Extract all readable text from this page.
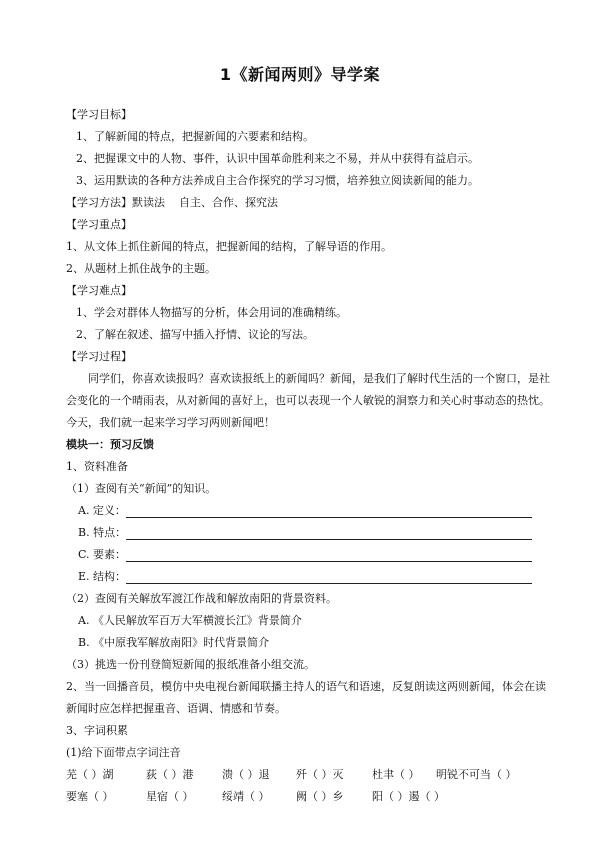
1《新闻两则》导学案
【学习目标】
1、了解新闻的特点，把握新闻的六要素和结构。
2、把握课文中的人物、事件，认识中国革命胜利来之不易，并从中获得有益启示。
3、运用默读的各种方法养成自主合作探究的学习习惯，培养独立阅读新闻的能力。
【学习方法】默读法    自主、合作、探究法
【学习重点】
1、从文体上抓住新闻的特点，把握新闻的结构，了解导语的作用。
2、从题材上抓住战争的主题。
【学习难点】
1、学会对群体人物描写的分析，体会用词的准确精练。
2、了解在叙述、描写中插入抒情、议论的写法。
【学习过程】
同学们，你喜欢读报吗？喜欢读报纸上的新闻吗？新闻，是我们了解时代生活的一个窗口，是社
会变化的一个晴雨表，从对新闻的喜好上，也可以表现一个人敏锐的洞察力和关心时事动态的热忱。
今天，我们就一起来学习学习两则新闻吧！
模块一：预习反馈
1、资料准备
（1）查阅有关“新闻”的知识。
A. 定义：
B. 特点：
C. 要素：
E. 结构：
（2）查阅有关解放军渡江作战和解放南阳的背景资料。
A. 《人民解放军百万大军横渡长江》背景简介
B. 《中原我军解放南阳》时代背景简介
（3）挑选一份刊登简短新闻的报纸准备小组交流。
2、当一回播音员，模仿中央电视台新闻联播主持人的语气和语速，反复朗读这两则新闻，体会在读
新闻时应怎样把握重音、语调、情感和节奏。
3、字词积累
(1)给下面带点字词注音
芜（ ）湖	荻（ ）港	溃（ ）退 歼（ ）灭	杜聿（ ） 明锐不可当（ ）
要塞（ ）	星宿（ ）	绥靖（ ） 阙（ ）乡	阳（ ）遏（ ）
